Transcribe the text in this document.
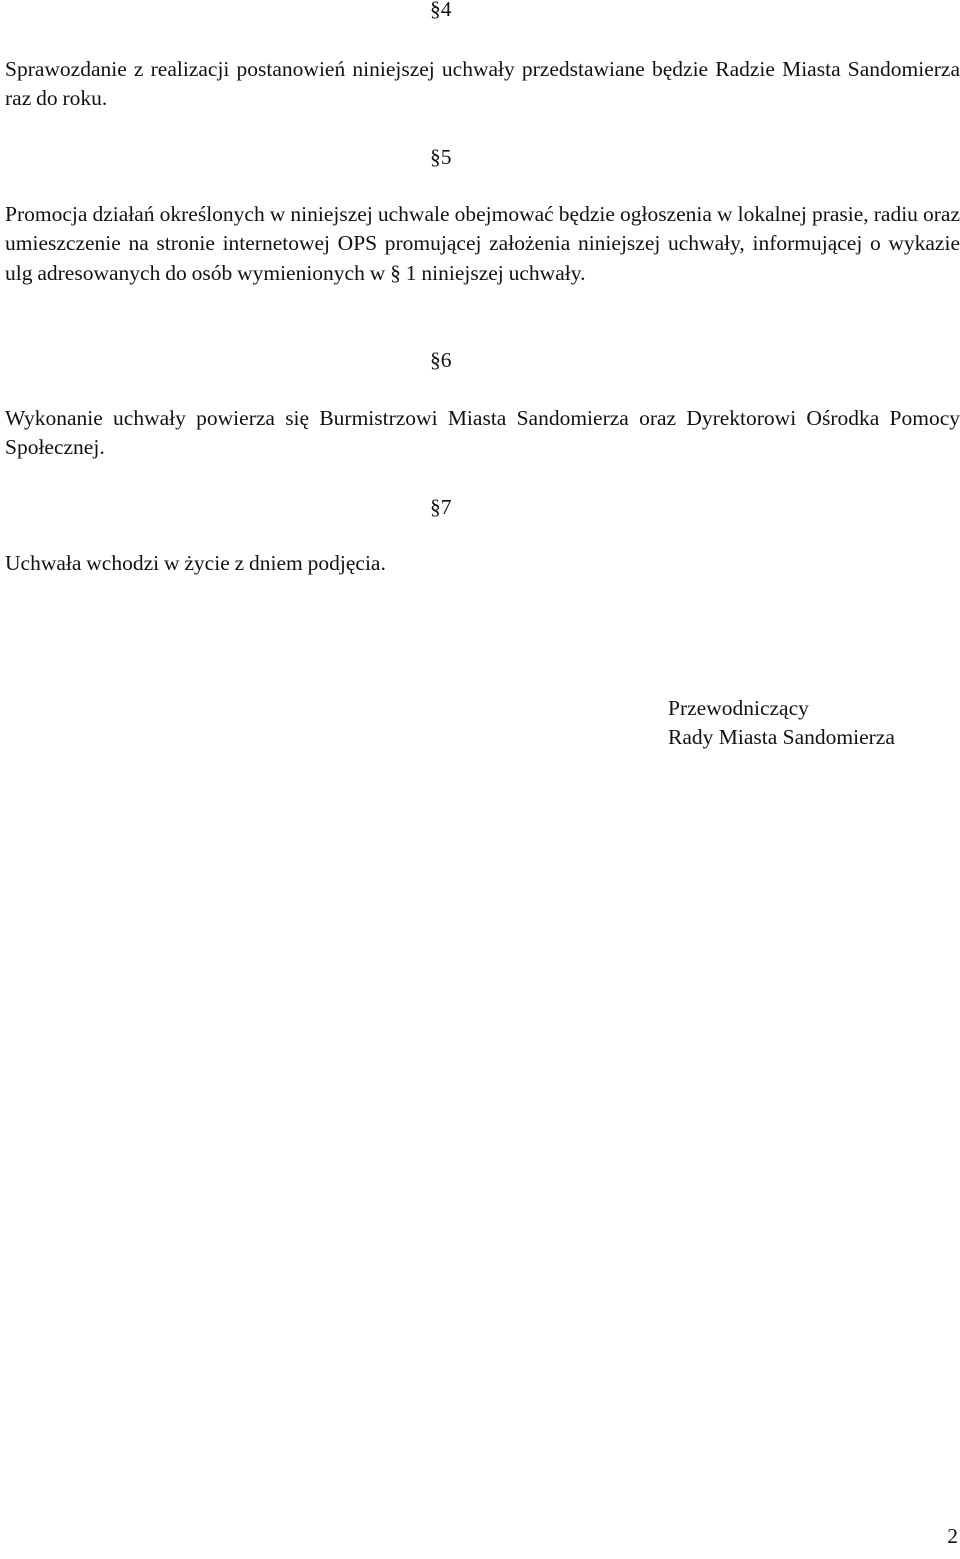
§4

Sprawozdanie z realizacji postanowień niniejszej uchwały przedstawiane będzie Radzie Miasta Sandomierza raz do roku.

§5

Promocja działań określonych w niniejszej uchwale obejmować będzie ogłoszenia w lokalnej prasie, radiu oraz umieszczenie na stronie internetowej OPS promującej założenia niniejszej uchwały, informującej o wykazie ulg adresowanych do osób wymienionych w § 1 niniejszej uchwały.

§6

Wykonanie uchwały powierza się Burmistrzowi Miasta Sandomierza oraz Dyrektorowi Ośrodka Pomocy Społecznej.

§7

Uchwała wchodzi w życie z dniem podjęcia.

Przewodniczący
Rady Miasta Sandomierza
2
